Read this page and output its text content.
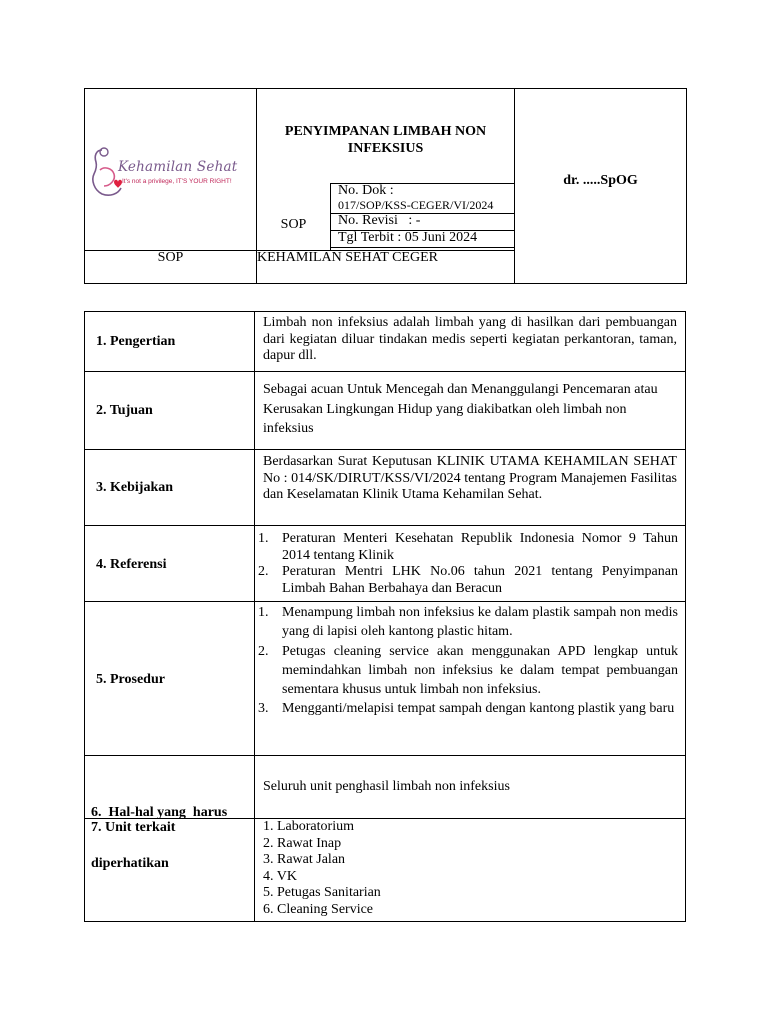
Kehamilan Sehat
It's not a privilege, IT'S YOUR RIGHT!
PENYIMPANAN LIMBAH NON
INFEKSIUS
SOP
No. Dok :
017/SOP/KSS-CEGER/VI/2024
No. Revisi   : -
Tgl Terbit : 05 Juni 2024
dr. .....SpOG
SOP	KEHAMILAN SEHAT CEGER
1. Pengertian
Limbah non infeksius adalah limbah yang di hasilkan dari pembuangan dari kegiatan diluar tindakan medis seperti kegiatan perkantoran, taman, dapur dll.
2. Tujuan
Sebagai acuan Untuk Mencegah dan Menanggulangi Pencemaran atau Kerusakan Lingkungan Hidup yang diakibatkan oleh limbah non infeksius
3. Kebijakan
Berdasarkan Surat Keputusan KLINIK UTAMA KEHAMILAN SEHAT No : 014/SK/DIRUT/KSS/VI/2024 tentang Program Manajemen Fasilitas dan Keselamatan Klinik Utama Kehamilan Sehat.
4. Referensi
1. Peraturan Menteri Kesehatan Republik Indonesia Nomor 9 Tahun 2014 tentang Klinik
2. Peraturan Mentri LHK No.06 tahun 2021 tentang Penyimpanan Limbah Bahan Berbahaya dan Beracun
5. Prosedur
1. Menampung limbah non infeksius ke dalam plastik sampah non medis yang di lapisi oleh kantong plastic hitam.
2. Petugas cleaning service akan menggunakan APD lengkap untuk memindahkan limbah non infeksius ke dalam tempat pembuangan sementara khusus untuk limbah non infeksius.
3. Mengganti/melapisi tempat sampah dengan kantong plastik yang baru

6.  Hal-hal yang  harus

diperhatikan

Seluruh unit penghasil limbah non infeksius
7. Unit terkait	1. Laboratorium
2. Rawat Inap
3. Rawat Jalan
4. VK
5. Petugas Sanitarian
6. Cleaning Service
